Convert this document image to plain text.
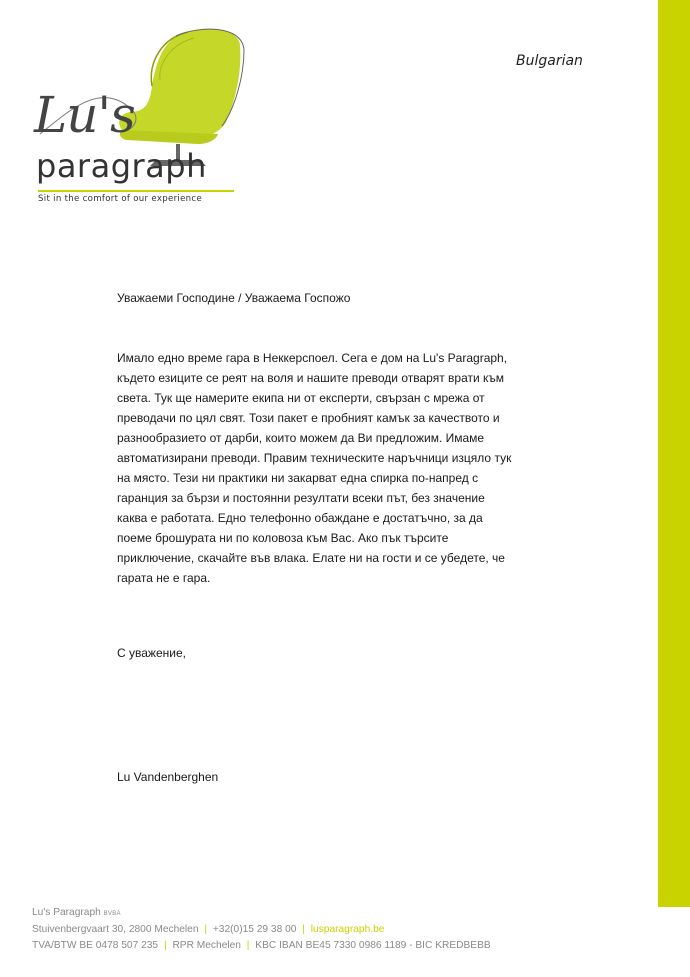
Bulgarian
Lu's
paragraph
Sit in the comfort of our experience
Уважаеми Господине / Уважаема Госпожо
Имало едно време гара в Неккерспоел. Сега е дом на Lu's Paragraph,
където езиците се реят на воля и нашите преводи отварят врати към
света. Тук ще намерите екипа ни от експерти, свързан с мрежа от
преводачи по цял свят. Този пакет е пробният камък за качеството и
разнообразието от дарби, които можем да Ви предложим. Имаме
автоматизирани преводи. Правим техническите наръчници изцяло тук
на място. Тези ни практики ни закарват една спирка по-напред с
гаранция за бързи и постоянни резултати всеки път, без значение
каква е работата. Едно телефонно обаждане е достатъчно, за да
поеме брошурата ни по коловоза към Вас. Ако пък търсите
приключение, скачайте във влака. Елате ни на гости и се убедете, че
гарата не е гара.
С уважение,
Lu Vandenberghen
Lu's Paragraph BVBA
Stuivenbergvaart 30, 2800 Mechelen | +32(0)15 29 38 00 | lusparagraph.be
TVA/BTW BE 0478 507 235 | RPR Mechelen | KBC IBAN BE45 7330 0986 1189 - BIC KREDBEBB
